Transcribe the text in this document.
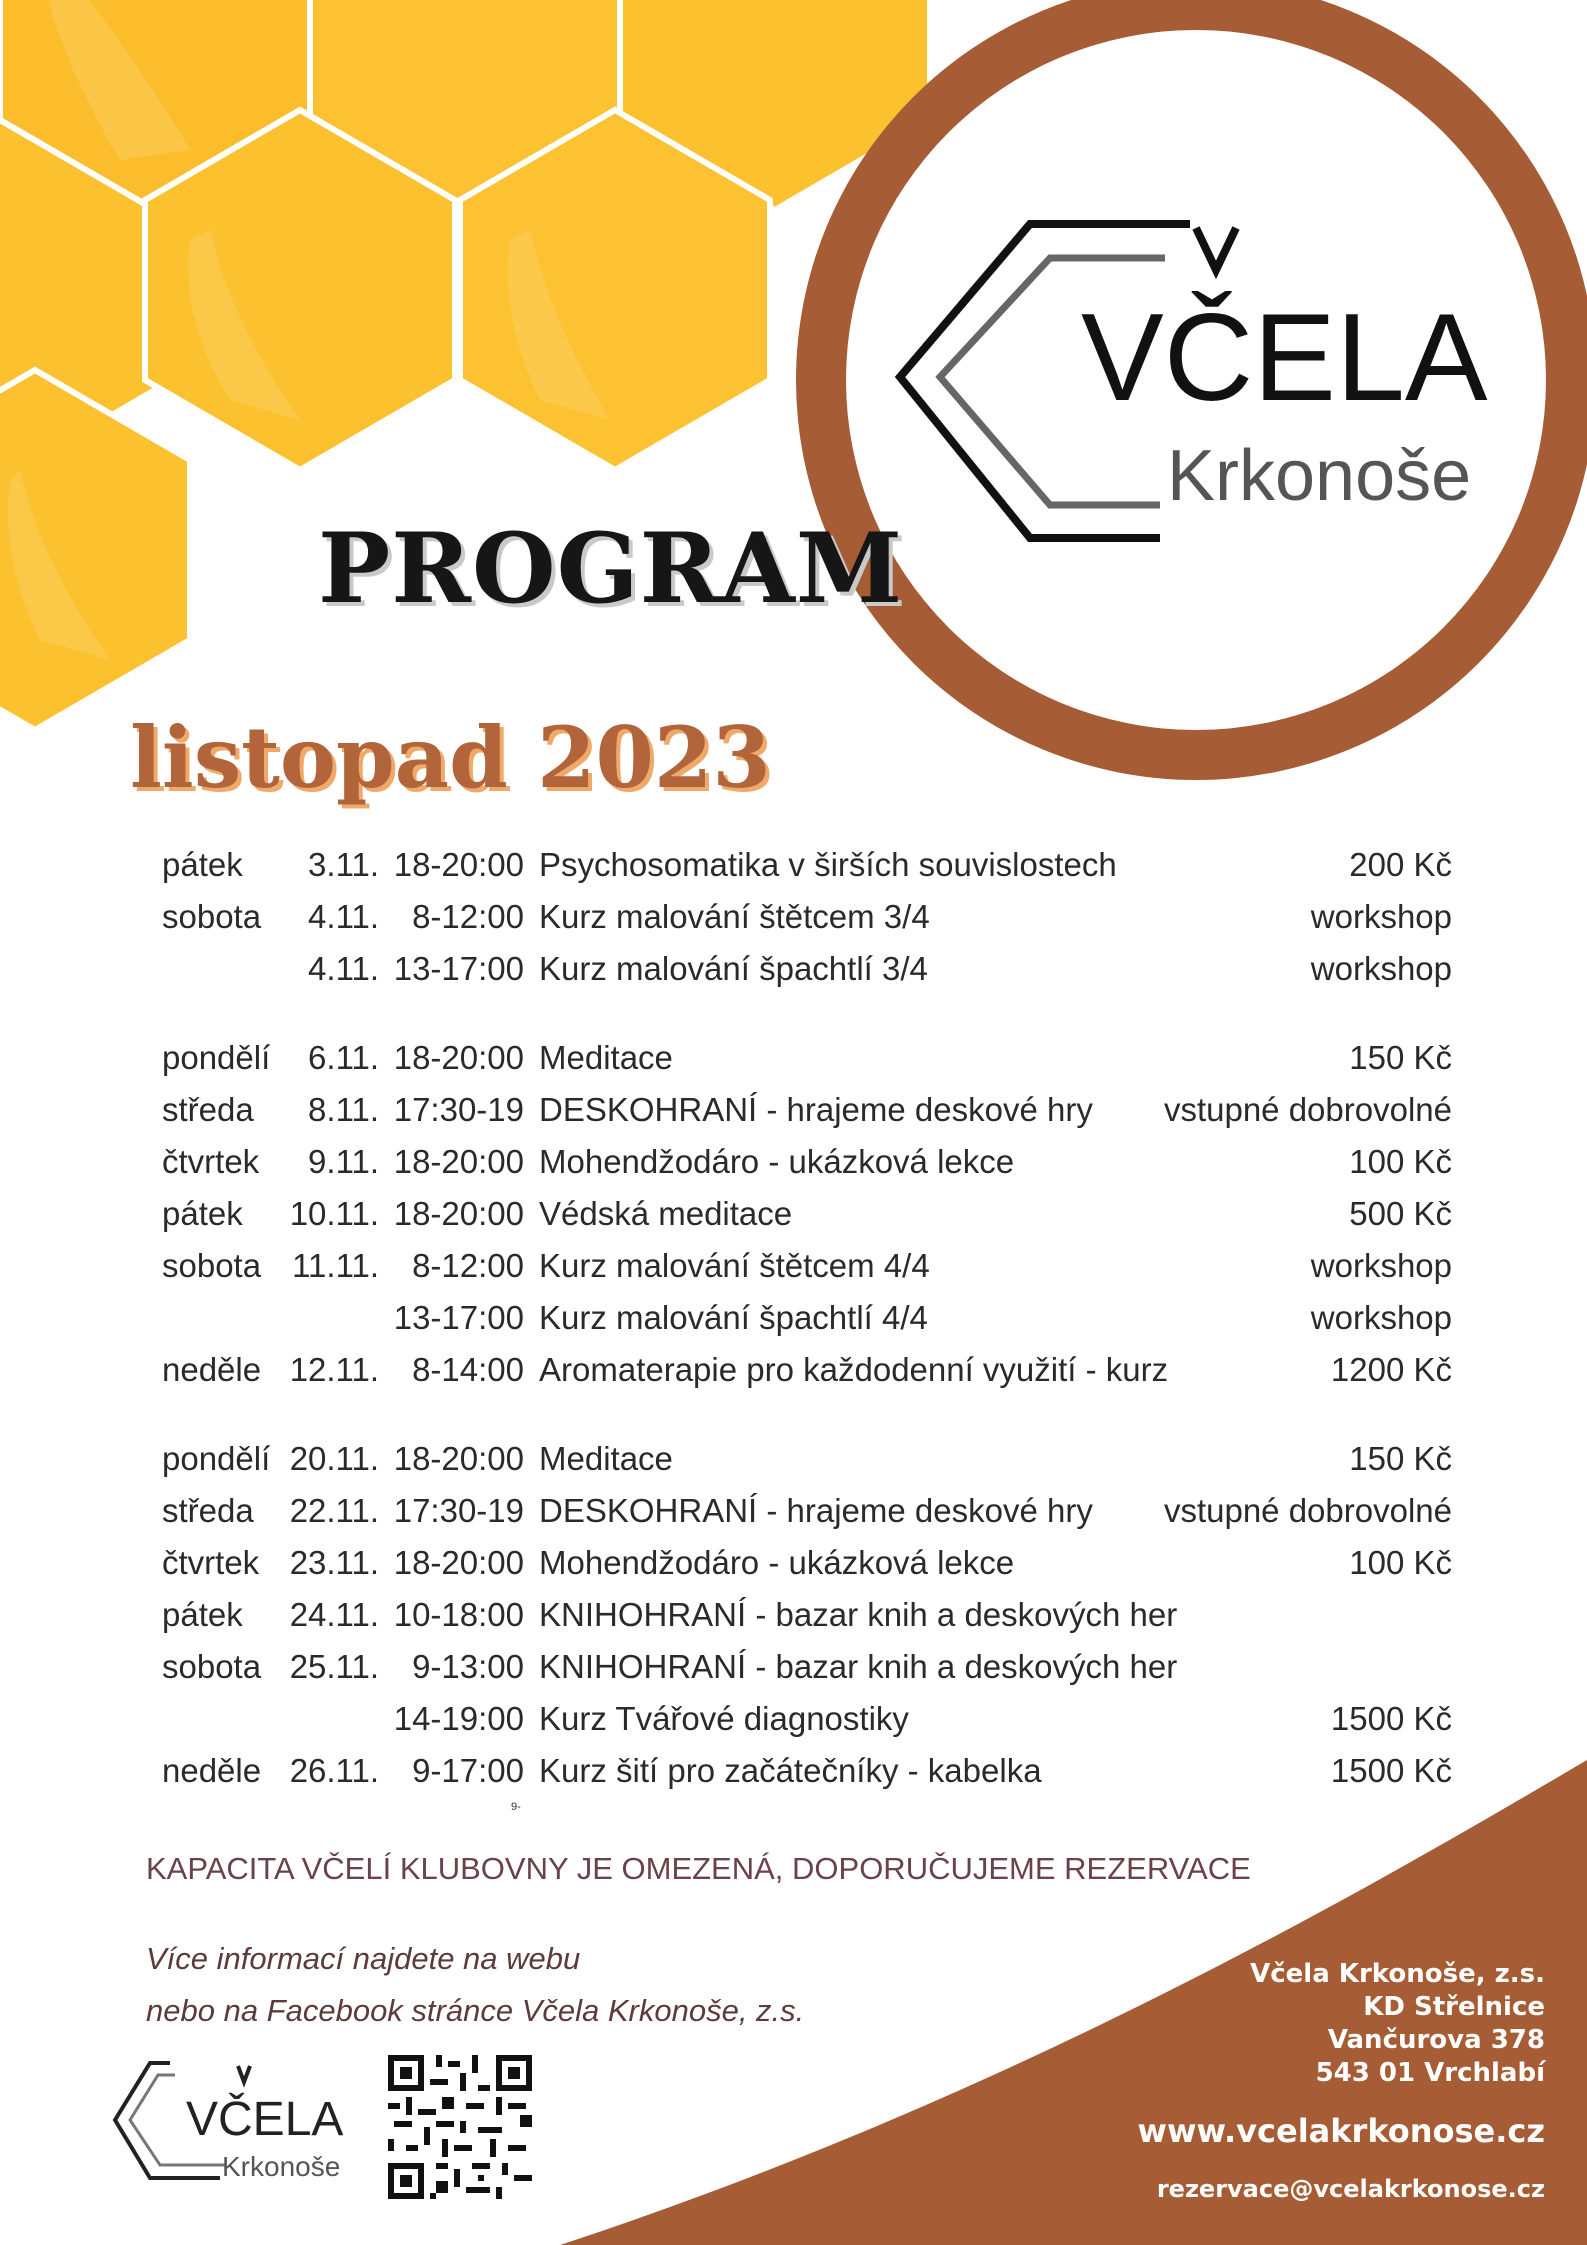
VČELA
Krkonoše
VČELA
Krkonoše
PROGRAM
listopad 2023
pátek 3.11. 18-20:00 Psychosomatika v širších souvislostech	200 Kč
sobota 4.11. 8-12:00 Kurz malování štětcem 3/4	workshop
4.11. 13-17:00 Kurz malování špachtlí 3/4	workshop
pondělí 6.11. 18-20:00 Meditace	150 Kč
středa 8.11. 17:30-19 DESKOHRANÍ - hrajeme deskové hry vstupné dobrovolné
čtvrtek 9.11. 18-20:00 Mohendžodáro - ukázková lekce	100 Kč
pátek 10.11. 18-20:00 Védská meditace	500 Kč
sobota 11.11. 8-12:00 Kurz malování štětcem 4/4	workshop
13-17:00 Kurz malování špachtlí 4/4	workshop
neděle 12.11. 8-14:00 Aromaterapie pro každodenní využití - kurz	1200 Kč
pondělí 20.11. 18-20:00 Meditace	150 Kč
středa 22.11. 17:30-19 DESKOHRANÍ - hrajeme deskové hry vstupné dobrovolné
čtvrtek 23.11. 18-20:00 Mohendžodáro - ukázková lekce	100 Kč
pátek 24.11. 10-18:00 KNIHOHRANÍ - bazar knih a deskových her
sobota 25.11. 9-13:00 KNIHOHRANÍ - bazar knih a deskových her
14-19:00 Kurz Tvářové diagnostiky	1500 Kč
neděle 26.11. 9-17:00 Kurz šití pro začátečníky - kabelka	1500 Kč
9-
KAPACITA VČELÍ KLUBOVNY JE OMEZENÁ, DOPORUČUJEME REZERVACE
Více informací najdete na webu
nebo na Facebook stránce Včela Krkonoše, z.s.
Včela Krkonoše, z.s.
KD Střelnice
Vančurova 378
543 01 Vrchlabí
www.vcelakrkonose.cz
rezervace@vcelakrkonose.cz
